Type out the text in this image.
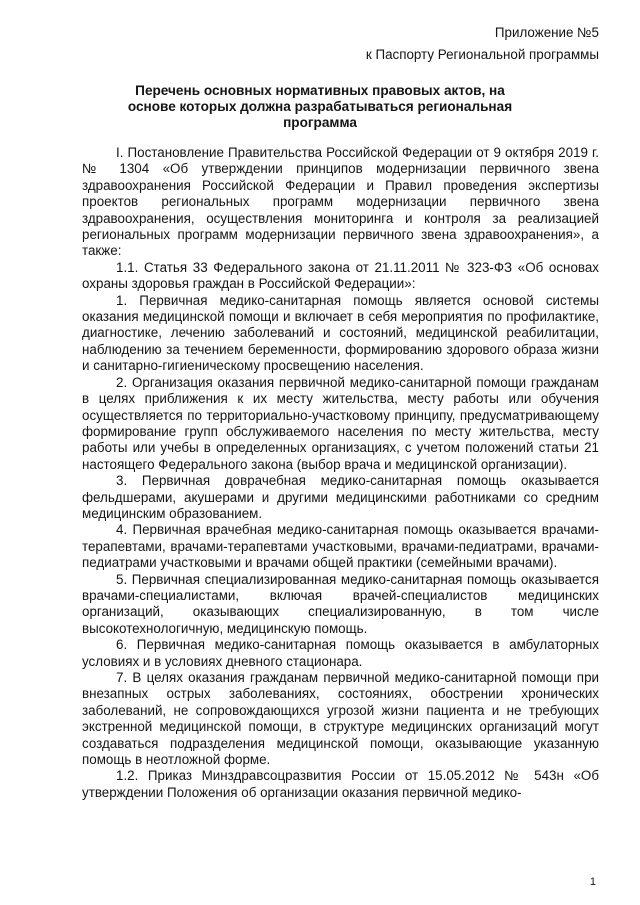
Приложение №5
к Паспорту Региональной программы
Перечень основных нормативных правовых актов, на основе которых должна разрабатываться региональная программа

I. Постановление Правительства Российской Федерации от 9 октября 2019 г. № 1304 «Об утверждении принципов модернизации первичного звена здравоохранения Российской Федерации и Правил проведения экспертизы проектов региональных программ модернизации первичного звена здравоохранения, осуществления мониторинга и контроля за реализацией региональных программ модернизации первичного звена здравоохранения», а также:

1.1. Статья 33 Федерального закона от 21.11.2011 № 323-ФЗ «Об основах охраны здоровья граждан в Российской Федерации»:

1. Первичная медико-санитарная помощь является основой системы оказания медицинской помощи и включает в себя мероприятия по профилактике, диагностике, лечению заболеваний и состояний, медицинской реабилитации, наблюдению за течением беременности, формированию здорового образа жизни и санитарно-гигиеническому просвещению населения.

2. Организация оказания первичной медико-санитарной помощи гражданам в целях приближения к их месту жительства, месту работы или обучения осуществляется по территориально-участковому принципу, предусматривающему формирование групп обслуживаемого населения по месту жительства, месту работы или учебы в определенных организациях, с учетом положений статьи 21 настоящего Федерального закона (выбор врача и медицинской организации).

3. Первичная доврачебная медико-санитарная помощь оказывается фельдшерами, акушерами и другими медицинскими работниками со средним медицинским образованием.

4. Первичная врачебная медико-санитарная помощь оказывается врачами-терапевтами, врачами-терапевтами участковыми, врачами-педиатрами, врачами-педиатрами участковыми и врачами общей практики (семейными врачами).

5. Первичная специализированная медико-санитарная помощь оказывается врачами-специалистами, включая врачей-специалистов медицинских организаций, оказывающих специализированную, в том числе высокотехнологичную, медицинскую помощь.

6. Первичная медико-санитарная помощь оказывается в амбулаторных условиях и в условиях дневного стационара.

7. В целях оказания гражданам первичной медико-санитарной помощи при внезапных острых заболеваниях, состояниях, обострении хронических заболеваний, не сопровождающихся угрозой жизни пациента и не требующих экстренной медицинской помощи, в структуре медицинских организаций могут создаваться подразделения медицинской помощи, оказывающие указанную помощь в неотложной форме.

1.2. Приказ Минздравсоцразвития России от 15.05.2012 № 543н «Об утверждении Положения об организации оказания первичной медико-

1
